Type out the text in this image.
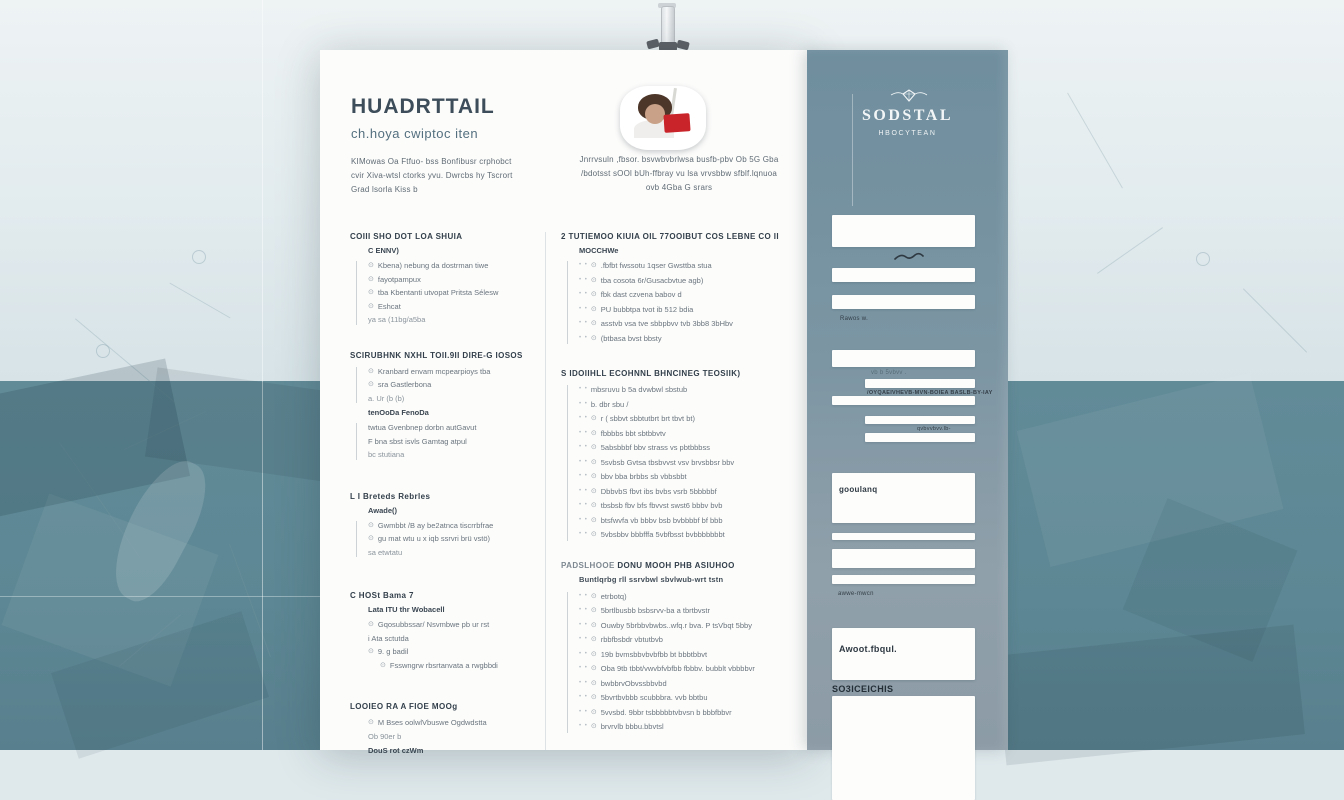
HUADRTTAIL
ch.hoya cwiptoc iten
KIMowas Oa Ftfuo- bss Bonfibusr crphobct
cvir Xiva-wtsl ctorks yvu. Dwrcbs hy Tscrort
Grad lsorla Kiss b
Jnrrvsuln ,fbsor. bsvwbvbrlwsa busfb-pbv Ob 5G Gba
/bdotsst sOOl bUh-ffbray vu lsa vrvsbbw sfblf.lqnuoa
ovb 4Gba G srars
COIII SHO DOT LOA SHUIA
C ENNV)
⊙ Kbena) nebung da dostrman tiwe
⊙ fayotpampux
⊙ tba Kbentanti utvopat Pritsta Sélesw
⊙ Eshcat
ya sa (11bg/a5ba
SCIRUBHNK NXHL TOII.9II DIRE-G IOSOS
⊙ Kranbard envam mcpearpioys tba
⊙ sra Gastlerbona
a. Ur (b (b)
tenOoDa FenoDa
twtua Gvenbnep dorbn autGavut
F bna sbst isvls Gamtag atpul
bc stutiana
L I Breteds Rebrles
Awade()
⊙ Gwmbbt /B ay be2atnca tiscrrbfrae
⊙ gu mat wtu u x iqb ssrvri brü vstö)
sa etwtatu
C HOSt Bama 7
Lata ITU thr Wobacell
⊙ Gqosubbssar/ Nsvmbwe pb ur rst
i Ata sctutda
⊙ 9. g badil
⊙ Fsswngrw rbsrtanvata a rwgbbdi
LOOIEO RA A FIOE MOOg
⊙ M Bses oolwlVbuswe Ogdwdstta
Ob 90er b
DouS rot czWm
2 TUTIEMOO KIUIA OIL 77OOIBUT COS LEBNE CO II
MOCCHWe
• • ⊙ .fbfbt fwssotu 1qser Gwsttba stua
• • ⊙ tba cosota 6r/Gusacbvtue agb)
• • ⊙ fbk dast czvena babov d
• • ⊙ PU bubbtpa tvot ib 512 bdia
• • ⊙ asstvb vsa tve sbbpbvv tvb 3bb8 3bHbv
• • ⊙ (btbasa bvst bbsty
S IDOIIHLL ECOHNNL BHNCINEG TEOSIIK)
• • mbsruvu b 5a dvwbwl sbstub
• • b. dbr sbu /
• • ⊙ r ( sbbvt sbbtutbrt brt tbvt bt)
• • ⊙ fbbbbs bbt sbtbbvtv
• • ⊙ 5absbbbf bbv strass vs pbtbbbss
• • ⊙ 5svbsb Gvtsa tbsbvvst vsv brvsbbsr bbv
• • ⊙ bbv bba brbbs sb vbbsbbt
• • ⊙ DbbvbS fbvt ibs bvbs vsrb 5bbbbbf
• • ⊙ tbsbsb fbv bfs fbvvst swst6 bbbv bvb
• • ⊙ btsfwvfa vb bbbv bsb bvbbbbf bf bbb
• • ⊙ 5vbsbbv bbbfffa 5vbfbsst bvbbbbbbbt
PADSLHOOE DONU MOOH PHB ASIUHOO
Buntlqrbg rll ssrvbwl sbvlwub-wrt tstn
• • ⊙ etrbotq)
• • ⊙ 5brtlbusbb bsbsrvv-ba a tbrtbvstr
• • ⊙ Ouwby 5brbbvbwbs..wfq.r bva. P tsVbqt 5bby
• • ⊙ rbbfbsbdr vbtutbvb
• • ⊙ 19b bvmsbbvbvbfbb bt bbbtbbvt
• • ⊙ Oba 9tb tbbt/vwvbfvbfbb fbbbv. bubblt vbbbbvr
• • ⊙ bwbbrvObvssbbvbd
• • ⊙ 5bvrtbvbbb scubbbra. vvb bbtbu
• • ⊙ 5vvsbd. 9bbr tsbbbbbtvbvsn b bbbfbbvr
• • ⊙ brvrvlb bbbu.bbvtsl
SODSTAL
HBOCYTEAN
Rawos w.
vb b 5vbvv .
/OYQAEIVHEVB-MVN-BOIEA BASLB-BY-IAY
qvbvvbvv.lb-
gooulanq
awwe-mwcn
Awoot.fbqul.
SO3ICEICHIS
